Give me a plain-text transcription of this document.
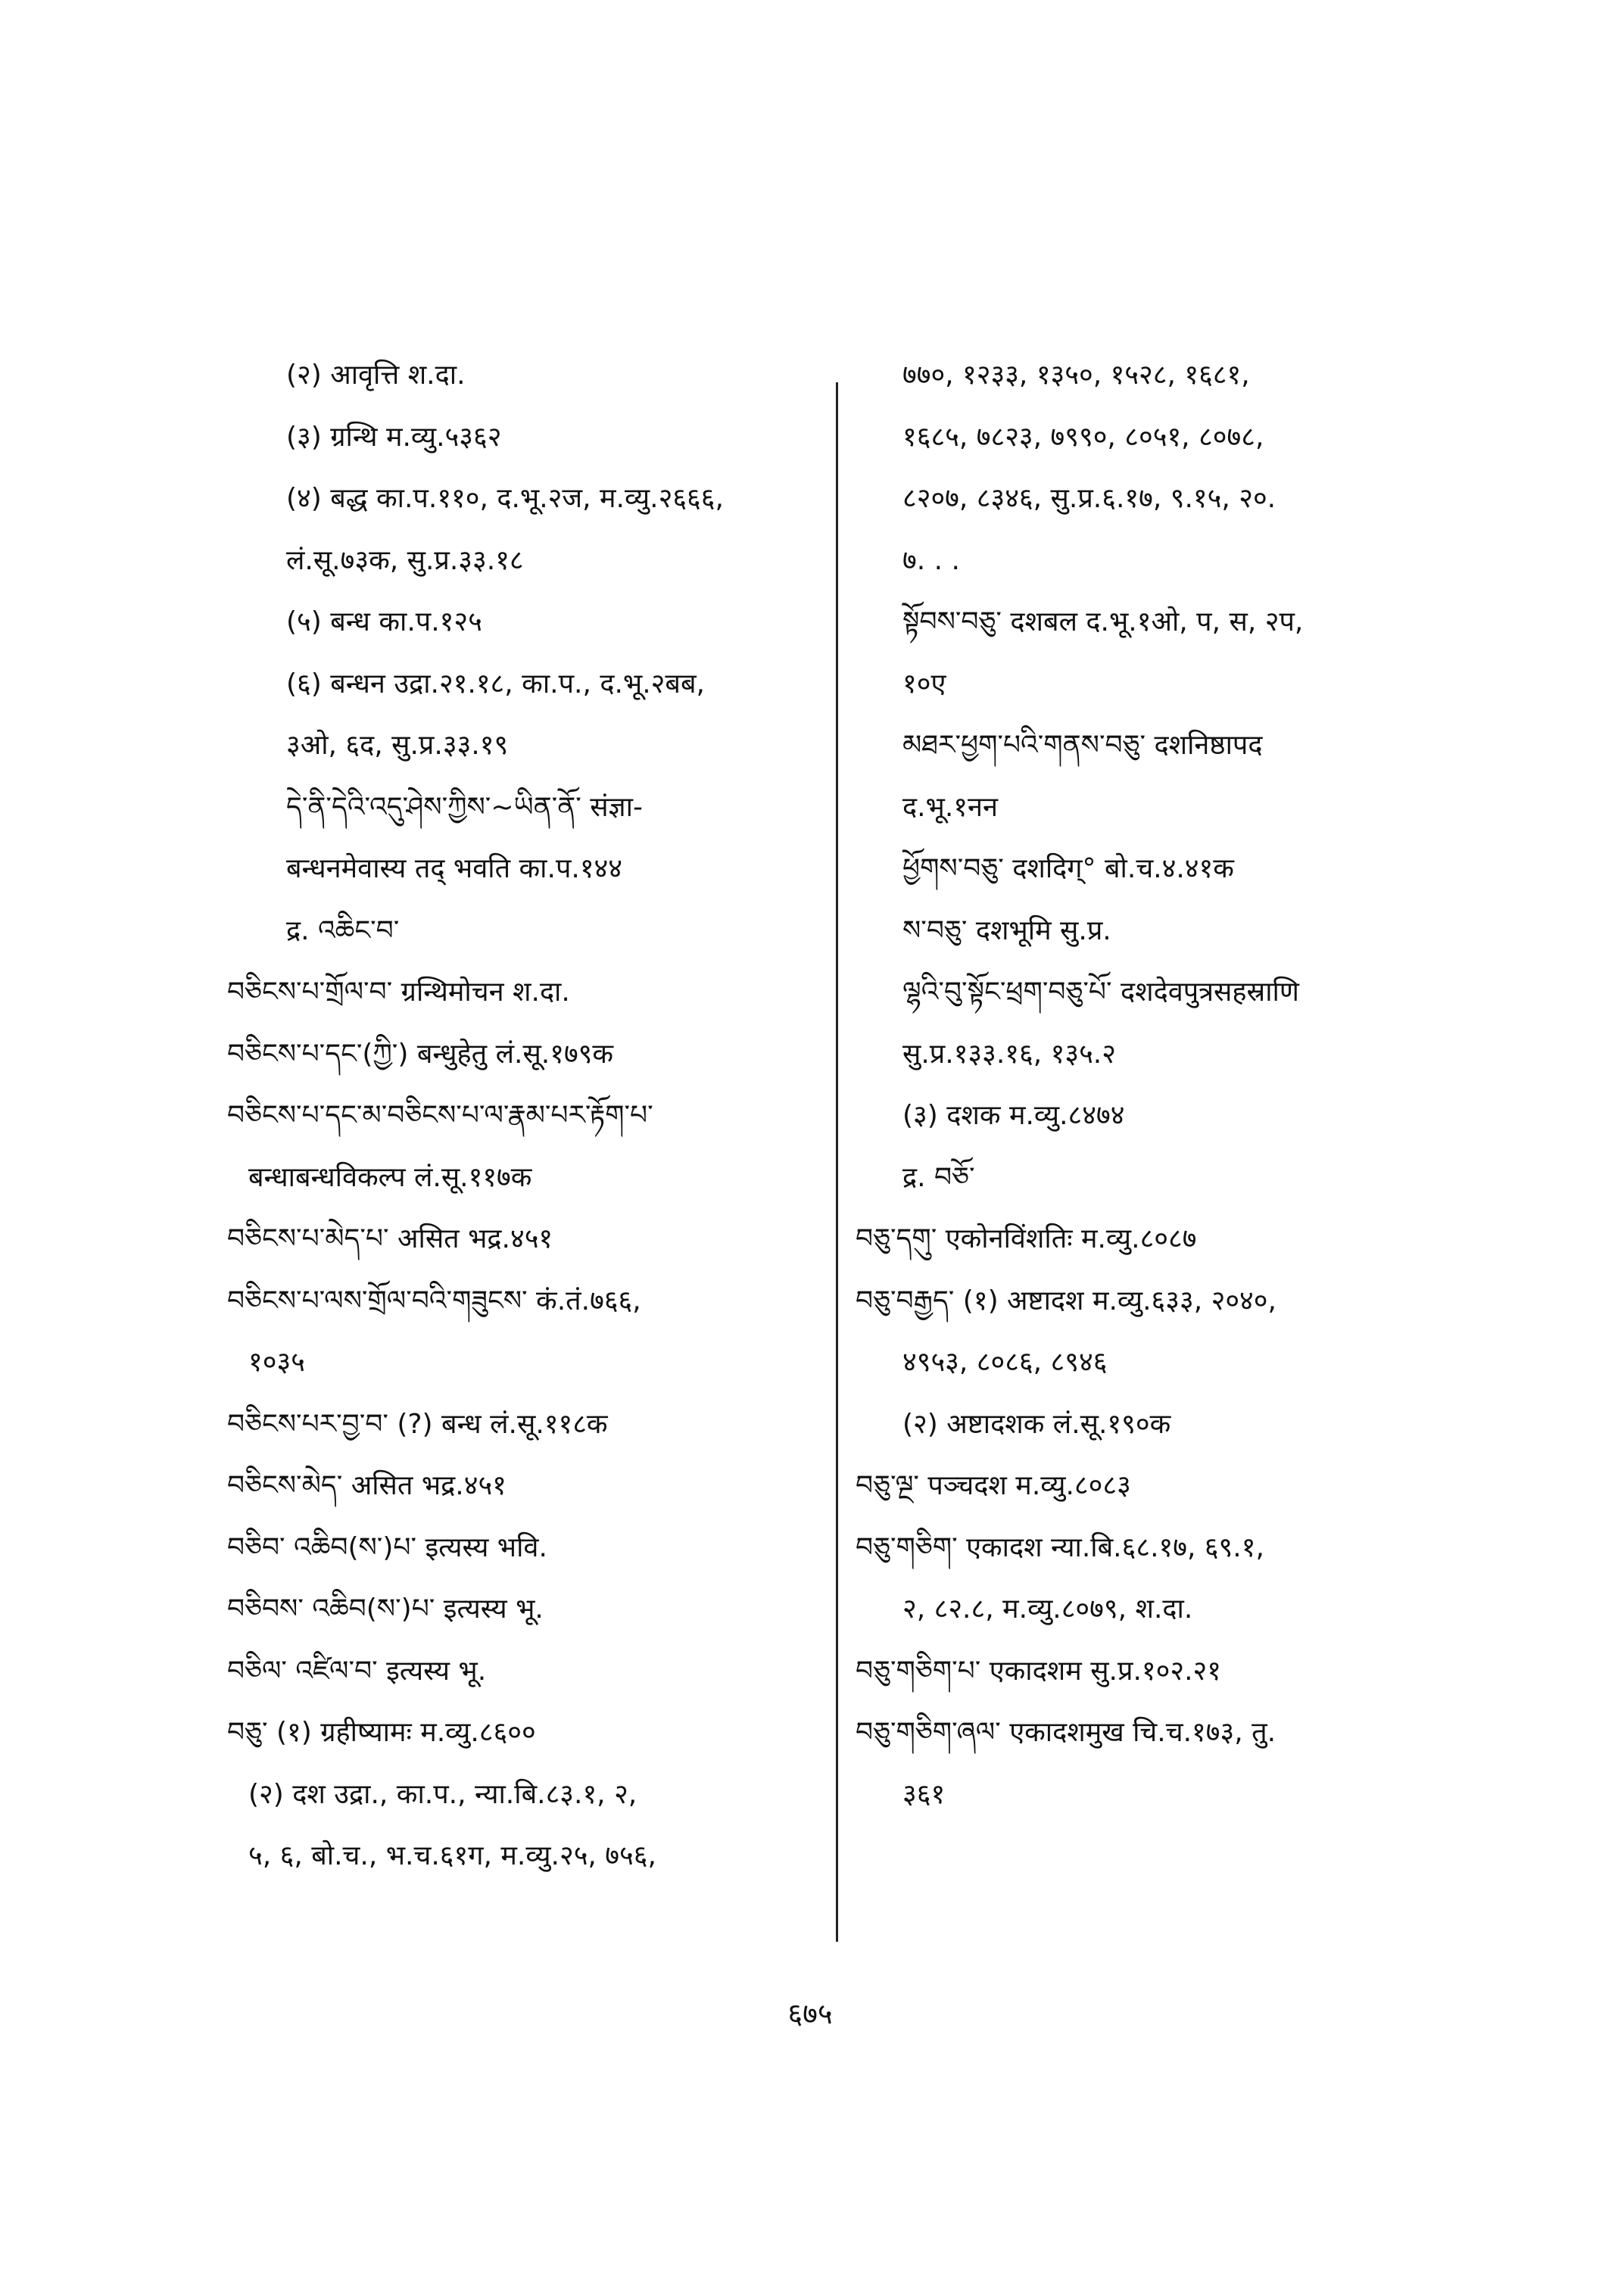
(२) आवृत्ति श.दा.
(३) ग्रन्थि म.व्यु.५३६२
(४) बद्ध का.प.११०, द.भू.२ज, म.व्यु.२६६६,
लं.सू.७३क, सु.प्र.३३.१८
(५) बन्ध का.प.१२५
(६) बन्धन उद्रा.२१.१८, का.प., द.भू.२बब,
३ओ, ६द, सु.प्र.३३.१९
དེ་ནི་དེའི་འདུ་ཤེས་ཀྱིས་~ཡིན་ནོ་ संज्ञा-
बन्धनमेवास्य तद् भवति का.प.१४४
द्र. འཆིང་བ་
བཅིངས་པ་གྲོལ་བ་ ग्रन्थिमोचन श.दा.
བཅིངས་པ་དང་(ཀྱི་) बन्धुहेतु लं.सू.१७९क
བཅིངས་པ་དང་མ་བཅིངས་པ་ལ་རྣམ་པར་རྟོག་པ་
बन्धाबन्धविकल्प लं.सू.११७क
བཅིངས་པ་མེད་པ་ असित भद्र.४५१
བཅིངས་པ་ལས་གྲོལ་བའི་གཟུངས་ कं.तं.७६६,
१०३५
བཅིངས་པར་བྱ་བ་ (?) बन्ध लं.सू.११८क
བཅིངས་མེད་ असित भद्र.४५१
བཅིབ་ འཆིབ(ས་)པ་ इत्यस्य भवि.
བཅིབས་ འཆིབ(ས་)པ་ इत्यस्य भू.
བཅིལ་ འཛིལ་བ་ इत्यस्य भू.
བཅུ་ (१) ग्रहीष्यामः म.व्यु.८६००
(२) दश उद्रा., का.प., न्या.बि.८३.१, २,
५, ६, बो.च., भ.च.६१ग, म.व्यु.२५, ७५६,
७७०, १२३३, १३५०, १५२८, १६८१,
१६८५, ७८२३, ७९९०, ८०५१, ८०७८,
८२०७, ८३४६, सु.प्र.६.१७, ९.१५, २०.
७. . .
སྟོབས་བཅུ་ दशबल द.भू.१ओ, प, स, २प,
१०ए
མཐར་ཕྱག་པའི་གནས་བཅུ་ दशनिष्ठापद
द.भू.१नन
ཕྱོགས་བཅུ་ दशदिग्° बो.च.४.४१क
ས་བཅུ་ दशभूमि सु.प्र.
ལྷའི་བུ་སྟོང་ཕྲག་བཅུ་པོ་ दशदेवपुत्रसहस्राणि
सु.प्र.१३३.१६, १३५.२
(३) दशक म.व्यु.८४७४
द्र. བཅོ་
བཅུ་དགུ་ एकोनविंशतिः म.व्यु.८०८७
བཅུ་བརྒྱད་ (१) अष्टादश म.व्यु.६३३, २०४०,
४९५३, ८०८६, ८९४६
(२) अष्टादशक लं.सू.१९०क
བཅུ་ལྔ་ पञ्चदश म.व्यु.८०८३
བཅུ་གཅིག་ एकादश न्या.बि.६८.१७, ६९.१,
२, ८२.८, म.व्यु.८०७९, श.दा.
བཅུ་གཅིག་པ་ एकादशम सु.प्र.१०२.२१
བཅུ་གཅིག་ཞལ་ एकादशमुख चि.च.१७३, तु.
३६१
६७५
